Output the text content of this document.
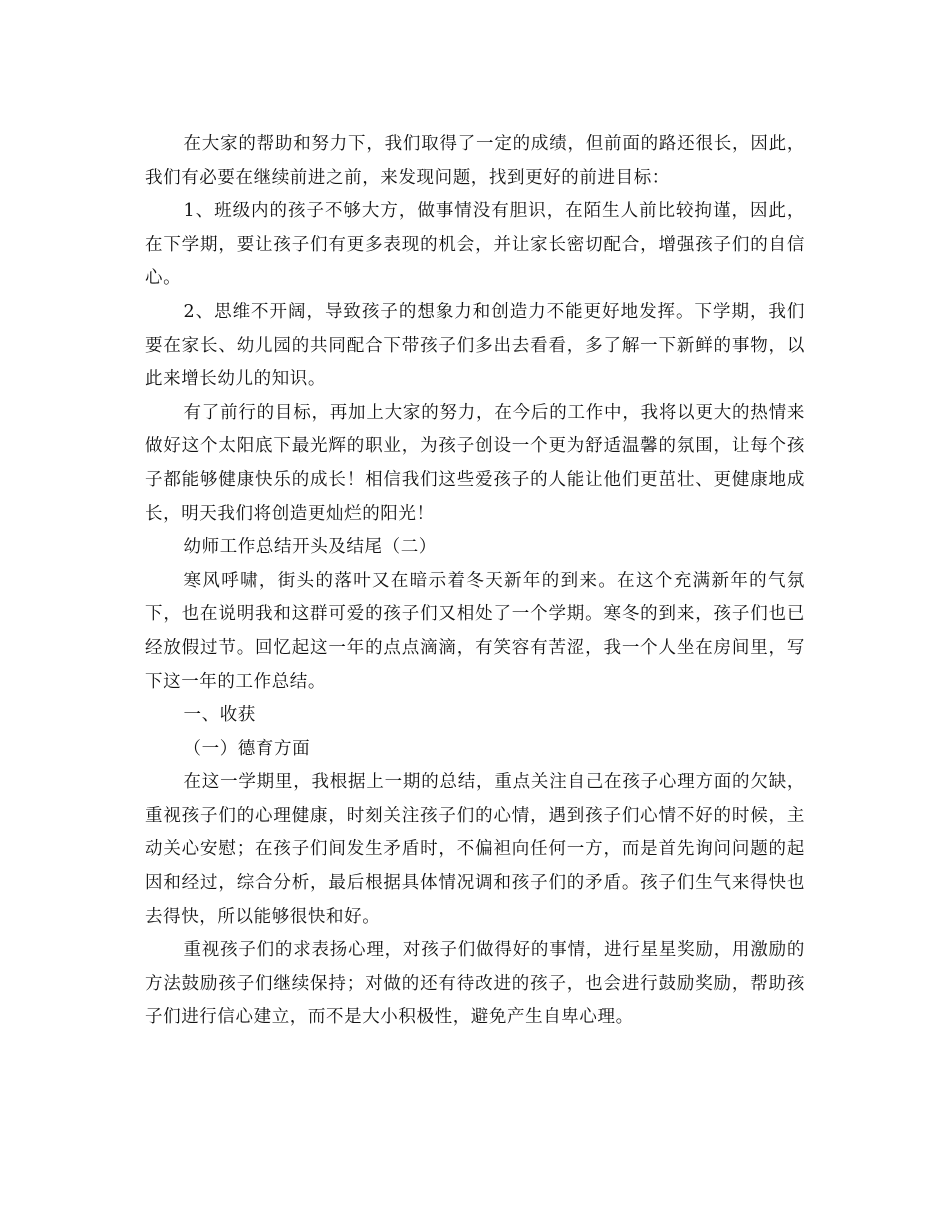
在大家的帮助和努力下，我们取得了一定的成绩，但前面的路还很长，因此，我们有必要在继续前进之前，来发现问题，找到更好的前进目标：

1、班级内的孩子不够大方，做事情没有胆识，在陌生人前比较拘谨，因此，在下学期，要让孩子们有更多表现的机会，并让家长密切配合，增强孩子们的自信心。

2、思维不开阔，导致孩子的想象力和创造力不能更好地发挥。下学期，我们要在家长、幼儿园的共同配合下带孩子们多出去看看，多了解一下新鲜的事物，以此来增长幼儿的知识。

有了前行的目标，再加上大家的努力，在今后的工作中，我将以更大的热情来做好这个太阳底下最光辉的职业，为孩子创设一个更为舒适温馨的氛围，让每个孩子都能够健康快乐的成长！相信我们这些爱孩子的人能让他们更茁壮、更健康地成长，明天我们将创造更灿烂的阳光！

幼师工作总结开头及结尾（二）

寒风呼啸，街头的落叶又在暗示着冬天新年的到来。在这个充满新年的气氛下，也在说明我和这群可爱的孩子们又相处了一个学期。寒冬的到来，孩子们也已经放假过节。回忆起这一年的点点滴滴，有笑容有苦涩，我一个人坐在房间里，写下这一年的工作总结。

一、收获

（一）德育方面

在这一学期里，我根据上一期的总结，重点关注自己在孩子心理方面的欠缺，重视孩子们的心理健康，时刻关注孩子们的心情，遇到孩子们心情不好的时候，主动关心安慰；在孩子们间发生矛盾时，不偏袒向任何一方，而是首先询问问题的起因和经过，综合分析，最后根据具体情况调和孩子们的矛盾。孩子们生气来得快也去得快，所以能够很快和好。

重视孩子们的求表扬心理，对孩子们做得好的事情，进行星星奖励，用激励的方法鼓励孩子们继续保持；对做的还有待改进的孩子，也会进行鼓励奖励，帮助孩子们进行信心建立，而不是大小积极性，避免产生自卑心理。
